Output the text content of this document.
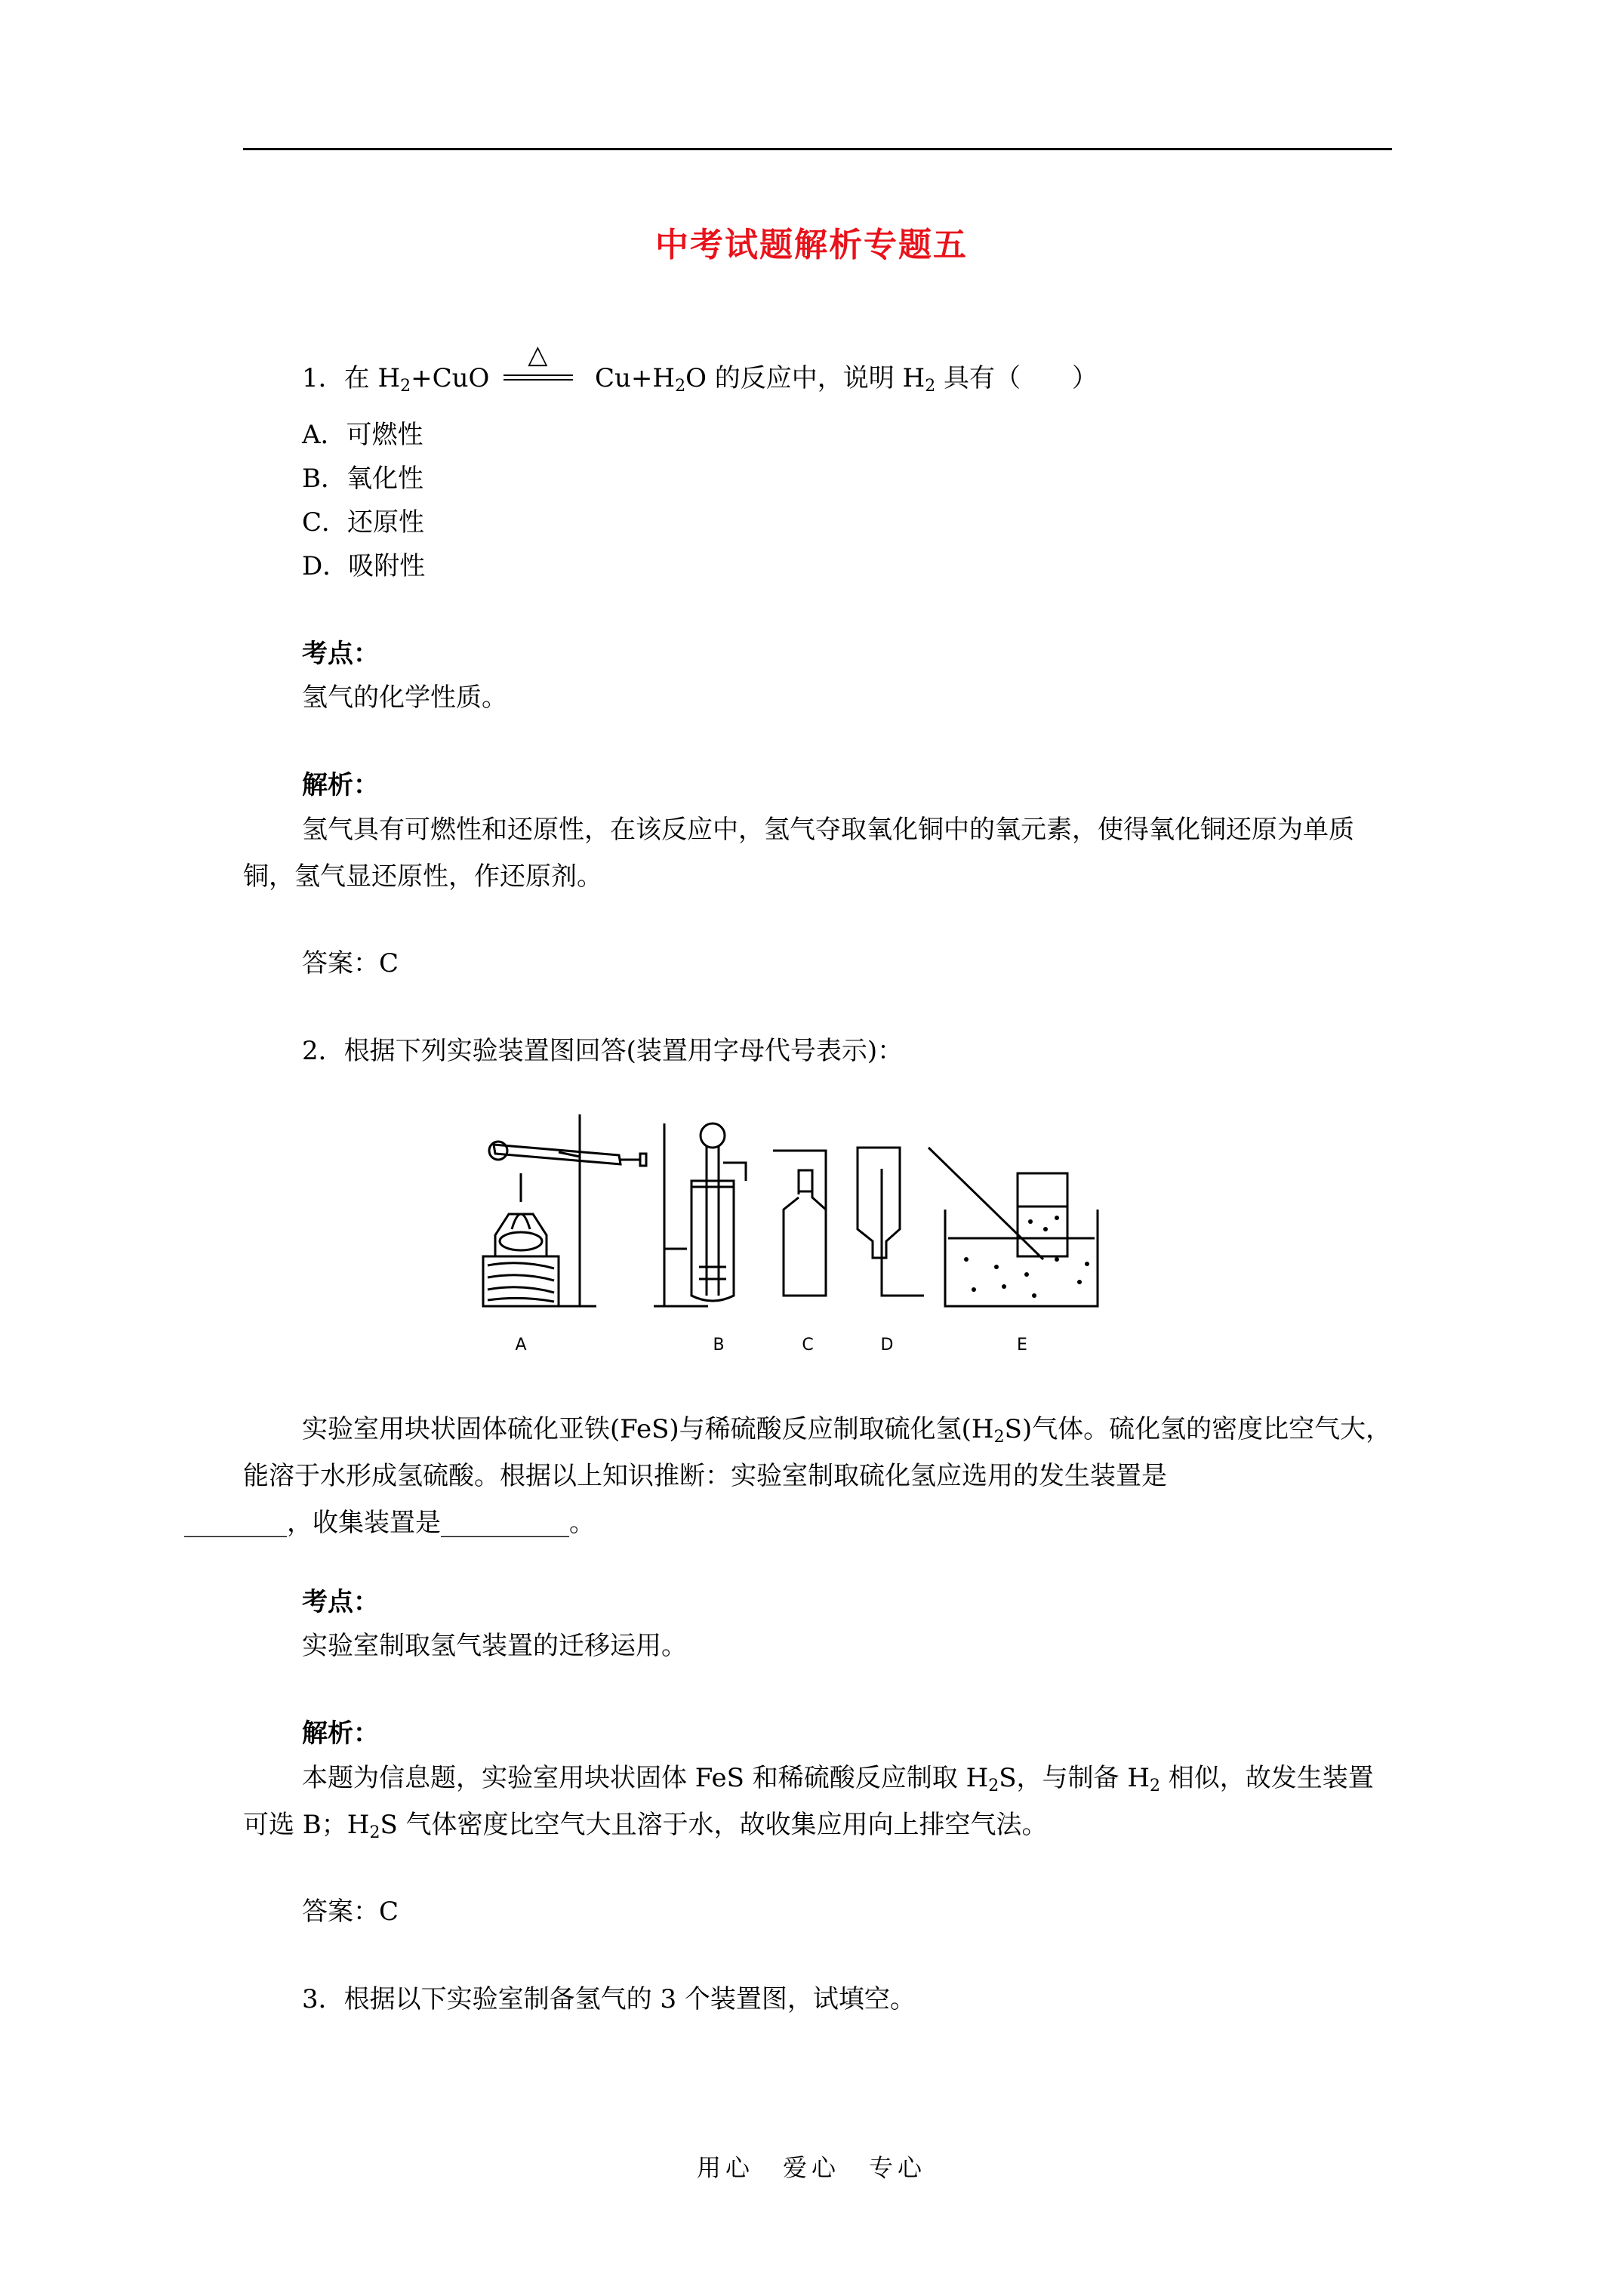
中考试题解析专题五
1．在 $H_2+CuO$
△
$Cu+H_2O$ 的反应中，说明 $H_2$ 具有（　　）
A．可燃性
B．氧化性
C．还原性
D．吸附性
考点：
氢气的化学性质。
解析：
氢气具有可燃性和还原性，在该反应中，氢气夺取氧化铜中的氧元素，使得氧化铜还原为单质铜，氢气显还原性，作还原剂。
答案：C
2．根据下列实验装置图回答(装置用字母代号表示)：
A	B	C	D	E
实验室用块状固体硫化亚铁(FeS)与稀硫酸反应制取硫化氢$(H_2S)$气体。硫化氢的密度比空气大，能溶于水形成氢硫酸。根据以上知识推断：实验室制取硫化氢应选用的发生装置是
________，收集装置是__________。
考点：
实验室制取氢气装置的迁移运用。
解析：
本题为信息题，实验室用块状固体 FeS 和稀硫酸反应制取 $H_2S$，与制备 $H_2$ 相似，故发生装置可选 B；$H_2S$ 气体密度比空气大且溶于水，故收集应用向上排空气法。
答案：C
3．根据以下实验室制备氢气的 3 个装置图，试填空。
用心　爱心　专心
